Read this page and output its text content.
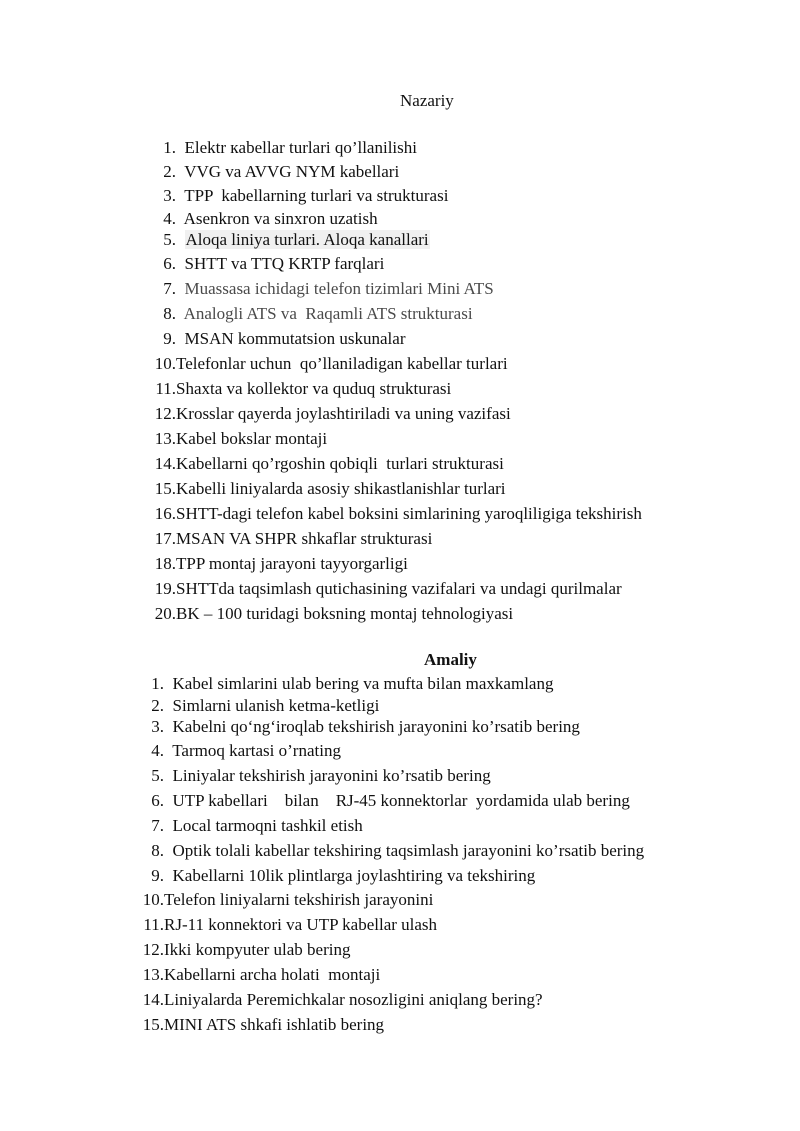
Nazariy
1. Elektr кabellar turlari qo’llanilishi
2. VVG va AVVG NYM kabellari
3. TPP  kabellarning turlari va strukturasi
4. Asenkron va sinxron uzatish
5. Aloqa liniya turlari. Aloqa kanallari
6. SHTT va TTQ KRTP farqlari
7. Muassasa ichidagi telefon tizimlari Mini ATS
8. Analogli ATS va  Raqamli ATS strukturasi
9. MSAN kommutatsion uskunalar
10.Telefonlar uchun  qo’llaniladigan kabellar turlari
11.Shaxta va kollektor va quduq strukturasi
12.Krosslar qayerda joylashtiriladi va uning vazifasi
13.Kabel bokslar montaji
14.Kabellarni qo’rgoshin qobiqli  turlari strukturasi
15.Kabelli liniyalarda asosiy shikastlanishlar turlari
16.SHTT-dagi telefon kabel boksini simlarining yaroqliligiga tekshirish
17.MSAN VA SHPR shkaflar strukturasi
18.TPP montaj jarayoni tayyorgarligi
19.SHTTda taqsimlash qutichasining vazifalari va undagi qurilmalar
20.BK – 100 turidagi boksning montaj tehnologiyasi
Amaliy
1. Kabel simlarini ulab bering va mufta bilan maxkamlang
2. Simlarni ulanish ketma-ketligi
3. Kabelni qo‘ng‘iroqlab tekshirish jarayonini ko’rsatib bering
4. Tarmoq kartasi o’rnating
5. Liniyalar tekshirish jarayonini ko’rsatib bering
6. UTP kabellari    bilan    RJ-45 konnektorlar  yordamida ulab bering
7. Local tarmoqni tashkil etish
8. Optik tolali kabellar tekshiring taqsimlash jarayonini ko’rsatib bering
9. Kabellarni 10lik plintlarga joylashtiring va tekshiring
10.Telefon liniyalarni tekshirish jarayonini
11.RJ-11 konnektori va UTP kabellar ulash
12.Ikki kompyuter ulab bering
13.Kabellarni archa holati  montaji
14.Liniyalarda Peremichkalar nosozligini aniqlang bering?
15.MINI ATS shkafi ishlatib bering
